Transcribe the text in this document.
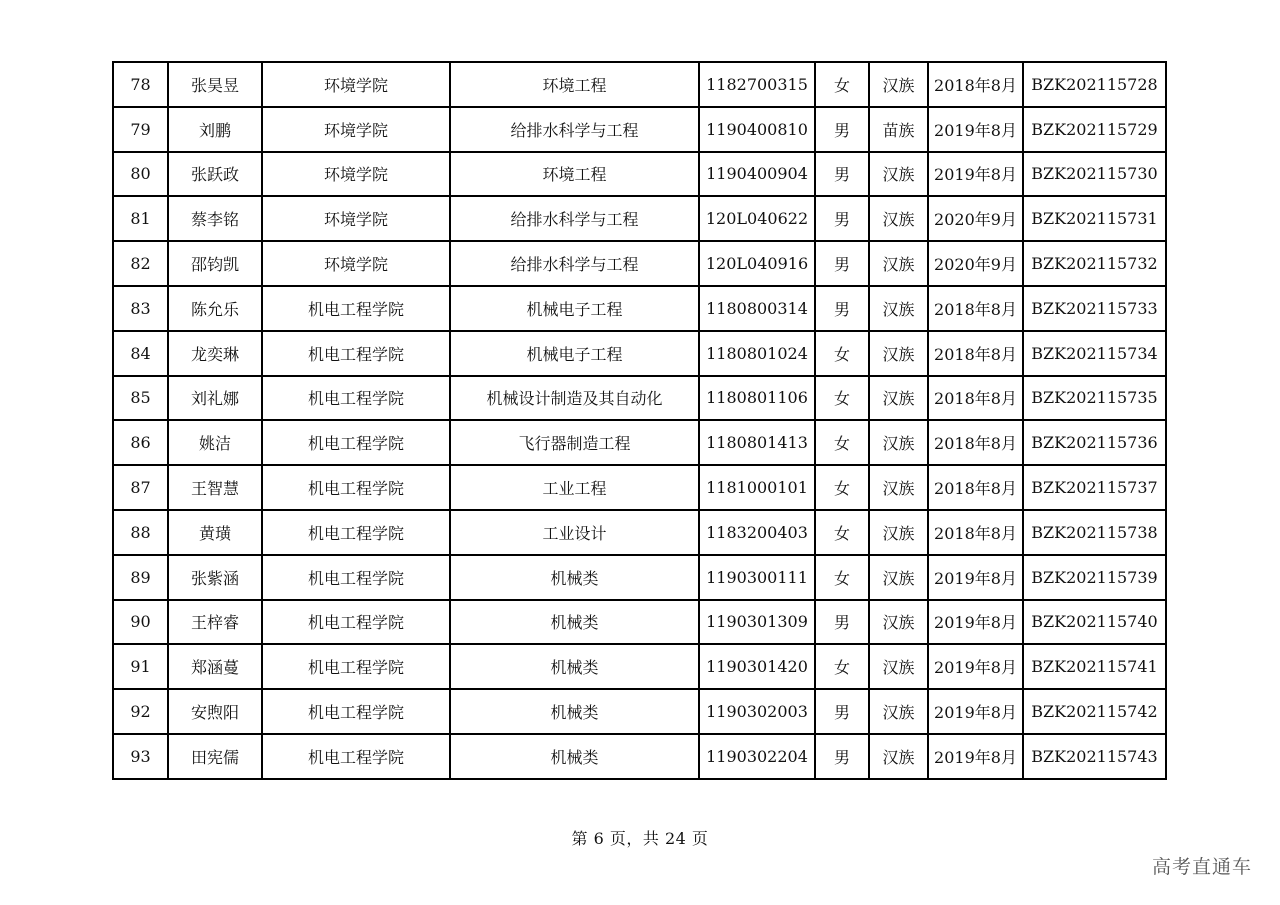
78	张昊昱	环境学院	环境工程	1182700315	女	汉族	2018年8月	BZK202115728
79	刘鹏	环境学院	给排水科学与工程	1190400810	男	苗族	2019年8月	BZK202115729
80	张跃政	环境学院	环境工程	1190400904	男	汉族	2019年8月	BZK202115730
81	蔡李铭	环境学院	给排水科学与工程	120L040622	男	汉族	2020年9月	BZK202115731
82	邵钧凯	环境学院	给排水科学与工程	120L040916	男	汉族	2020年9月	BZK202115732
83	陈允乐	机电工程学院	机械电子工程	1180800314	男	汉族	2018年8月	BZK202115733
84	龙奕琳	机电工程学院	机械电子工程	1180801024	女	汉族	2018年8月	BZK202115734
85	刘礼娜	机电工程学院	机械设计制造及其自动化	1180801106	女	汉族	2018年8月	BZK202115735
86	姚洁	机电工程学院	飞行器制造工程	1180801413	女	汉族	2018年8月	BZK202115736
87	王智慧	机电工程学院	工业工程	1181000101	女	汉族	2018年8月	BZK202115737
88	黄璜	机电工程学院	工业设计	1183200403	女	汉族	2018年8月	BZK202115738
89	张紫涵	机电工程学院	机械类	1190300111	女	汉族	2019年8月	BZK202115739
90	王梓睿	机电工程学院	机械类	1190301309	男	汉族	2019年8月	BZK202115740
91	郑涵蔓	机电工程学院	机械类	1190301420	女	汉族	2019年8月	BZK202115741
92	安煦阳	机电工程学院	机械类	1190302003	男	汉族	2019年8月	BZK202115742
93	田宪儒	机电工程学院	机械类	1190302204	男	汉族	2019年8月	BZK202115743
第 6 页，共 24 页
高考直通车
